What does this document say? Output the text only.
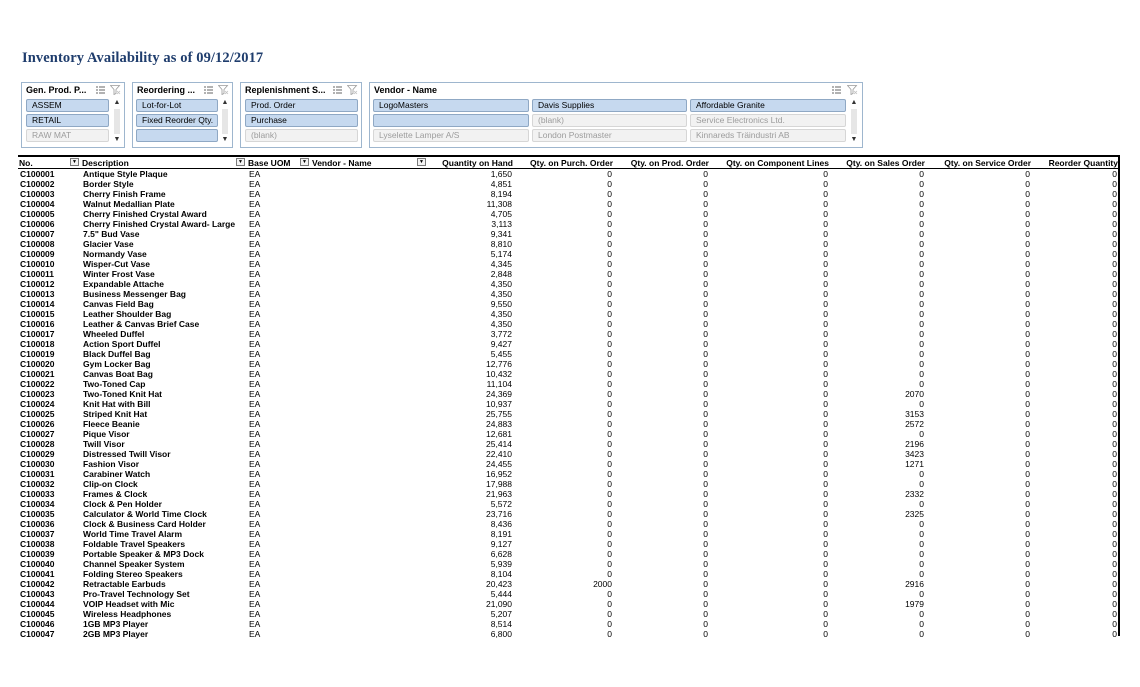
Inventory Availability as of 09/12/2017
Gen. Prod. P...
ASSEM
RETAIL
RAW MAT
▲
▼
Reordering ...
Lot-for-Lot
Fixed Reorder Qty.
▲
▼
Replenishment S...
Prod. Order
Purchase
(blank)
Vendor - Name
LogoMasters	Davis Supplies	Affordable Granite
(blank)	Service Electronics Ltd.
Lyselette Lamper A/S	London Postmaster	Kinnareds Träindustri AB
▲
▼
No. ▼	Description ▼	Base UOM ▼	Vendor - Name ▼	Quantity on Hand	Qty. on Purch. Order	Qty. on Prod. Order	Qty. on Component Lines	Qty. on Sales Order	Qty. on Service Order	Reorder Quantity
C100001	Antique Style Plaque	EA		1,650	0	0	0	0	0	0
C100002	Border Style	EA		4,851	0	0	0	0	0	0
C100003	Cherry Finish Frame	EA		8,194	0	0	0	0	0	0
C100004	Walnut Medallian Plate	EA		11,308	0	0	0	0	0	0
C100005	Cherry Finished Crystal Award	EA		4,705	0	0	0	0	0	0
C100006	Cherry Finished Crystal Award- Large	EA		3,113	0	0	0	0	0	0
C100007	7.5" Bud Vase	EA		9,341	0	0	0	0	0	0
C100008	Glacier Vase	EA		8,810	0	0	0	0	0	0
C100009	Normandy Vase	EA		5,174	0	0	0	0	0	0
C100010	Wisper-Cut Vase	EA		4,345	0	0	0	0	0	0
C100011	Winter Frost Vase	EA		2,848	0	0	0	0	0	0
C100012	Expandable Attache	EA		4,350	0	0	0	0	0	0
C100013	Business Messenger Bag	EA		4,350	0	0	0	0	0	0
C100014	Canvas Field Bag	EA		9,550	0	0	0	0	0	0
C100015	Leather Shoulder Bag	EA		4,350	0	0	0	0	0	0
C100016	Leather & Canvas Brief Case	EA		4,350	0	0	0	0	0	0
C100017	Wheeled Duffel	EA		3,772	0	0	0	0	0	0
C100018	Action Sport Duffel	EA		9,427	0	0	0	0	0	0
C100019	Black Duffel Bag	EA		5,455	0	0	0	0	0	0
C100020	Gym Locker Bag	EA		12,776	0	0	0	0	0	0
C100021	Canvas Boat Bag	EA		10,432	0	0	0	0	0	0
C100022	Two-Toned Cap	EA		11,104	0	0	0	0	0	0
C100023	Two-Toned Knit Hat	EA		24,369	0	0	0	2070	0	0
C100024	Knit Hat with Bill	EA		10,937	0	0	0	0	0	0
C100025	Striped Knit Hat	EA		25,755	0	0	0	3153	0	0
C100026	Fleece Beanie	EA		24,883	0	0	0	2572	0	0
C100027	Pique Visor	EA		12,681	0	0	0	0	0	0
C100028	Twill Visor	EA		25,414	0	0	0	2196	0	0
C100029	Distressed Twill Visor	EA		22,410	0	0	0	3423	0	0
C100030	Fashion Visor	EA		24,455	0	0	0	1271	0	0
C100031	Carabiner Watch	EA		16,952	0	0	0	0	0	0
C100032	Clip-on Clock	EA		17,988	0	0	0	0	0	0
C100033	Frames & Clock	EA		21,963	0	0	0	2332	0	0
C100034	Clock & Pen Holder	EA		5,572	0	0	0	0	0	0
C100035	Calculator & World Time Clock	EA		23,716	0	0	0	2325	0	0
C100036	Clock & Business Card Holder	EA		8,436	0	0	0	0	0	0
C100037	World Time Travel Alarm	EA		8,191	0	0	0	0	0	0
C100038	Foldable Travel Speakers	EA		9,127	0	0	0	0	0	0
C100039	Portable Speaker & MP3 Dock	EA		6,628	0	0	0	0	0	0
C100040	Channel Speaker System	EA		5,939	0	0	0	0	0	0
C100041	Folding Stereo Speakers	EA		8,104	0	0	0	0	0	0
C100042	Retractable Earbuds	EA		20,423	2000	0	0	2916	0	0
C100043	Pro-Travel Technology Set	EA		5,444	0	0	0	0	0	0
C100044	VOIP Headset with Mic	EA		21,090	0	0	0	1979	0	0
C100045	Wireless Headphones	EA		5,207	0	0	0	0	0	0
C100046	1GB MP3 Player	EA		8,514	0	0	0	0	0	0
C100047	2GB MP3 Player	EA		6,800	0	0	0	0	0	0
